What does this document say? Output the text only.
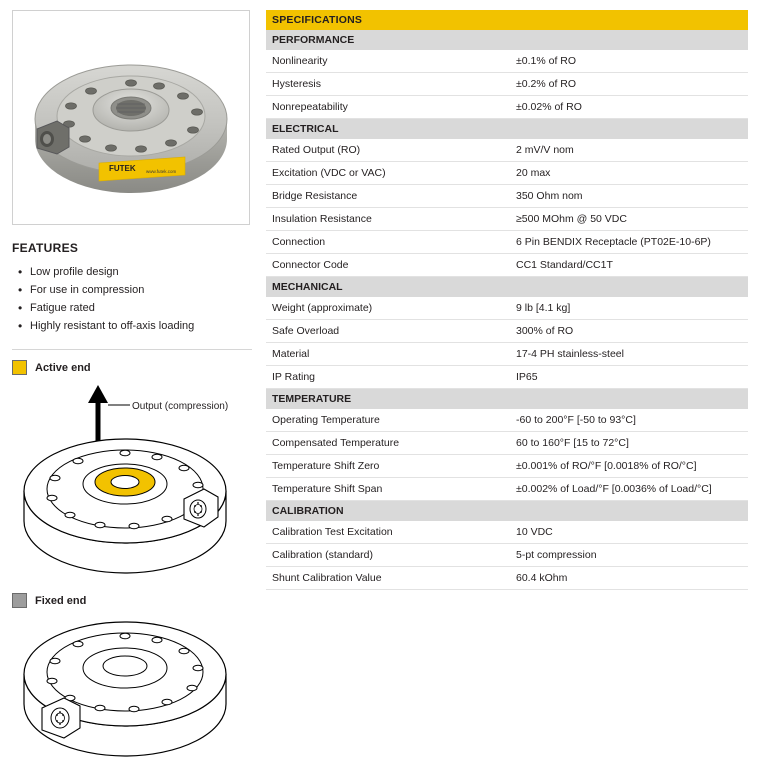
FUTEK www.futek.com
FEATURES
• Low profile design
• For use in compression
• Fatigue rated
• Highly resistant to off-axis loading
Active end
Output (compression)
Fixed end
SPECIFICATIONS	
PERFORMANCE	
Nonlinearity	±0.1% of RO
Hysteresis	±0.2% of RO
Nonrepeatability	±0.02% of RO
ELECTRICAL	
Rated Output (RO)	2 mV/V nom
Excitation (VDC or VAC)	20 max
Bridge Resistance	350 Ohm nom
Insulation Resistance	≥500 MOhm @ 50 VDC
Connection	6 Pin BENDIX Receptacle (PT02E-10-6P)
Connector Code	CC1 Standard/CC1T
MECHANICAL	
Weight (approximate)	9 lb [4.1 kg]
Safe Overload	300% of RO
Material	17-4 PH stainless-steel
IP Rating	IP65
TEMPERATURE	
Operating Temperature	-60 to 200°F [-50 to 93°C]
Compensated Temperature	60 to 160°F [15 to 72°C]
Temperature Shift Zero	±0.001% of RO/°F [0.0018% of RO/°C]
Temperature Shift Span	±0.002% of Load/°F [0.0036% of Load/°C]
CALIBRATION	
Calibration Test Excitation	10 VDC
Calibration (standard)	5-pt compression
Shunt Calibration Value	60.4 kOhm
